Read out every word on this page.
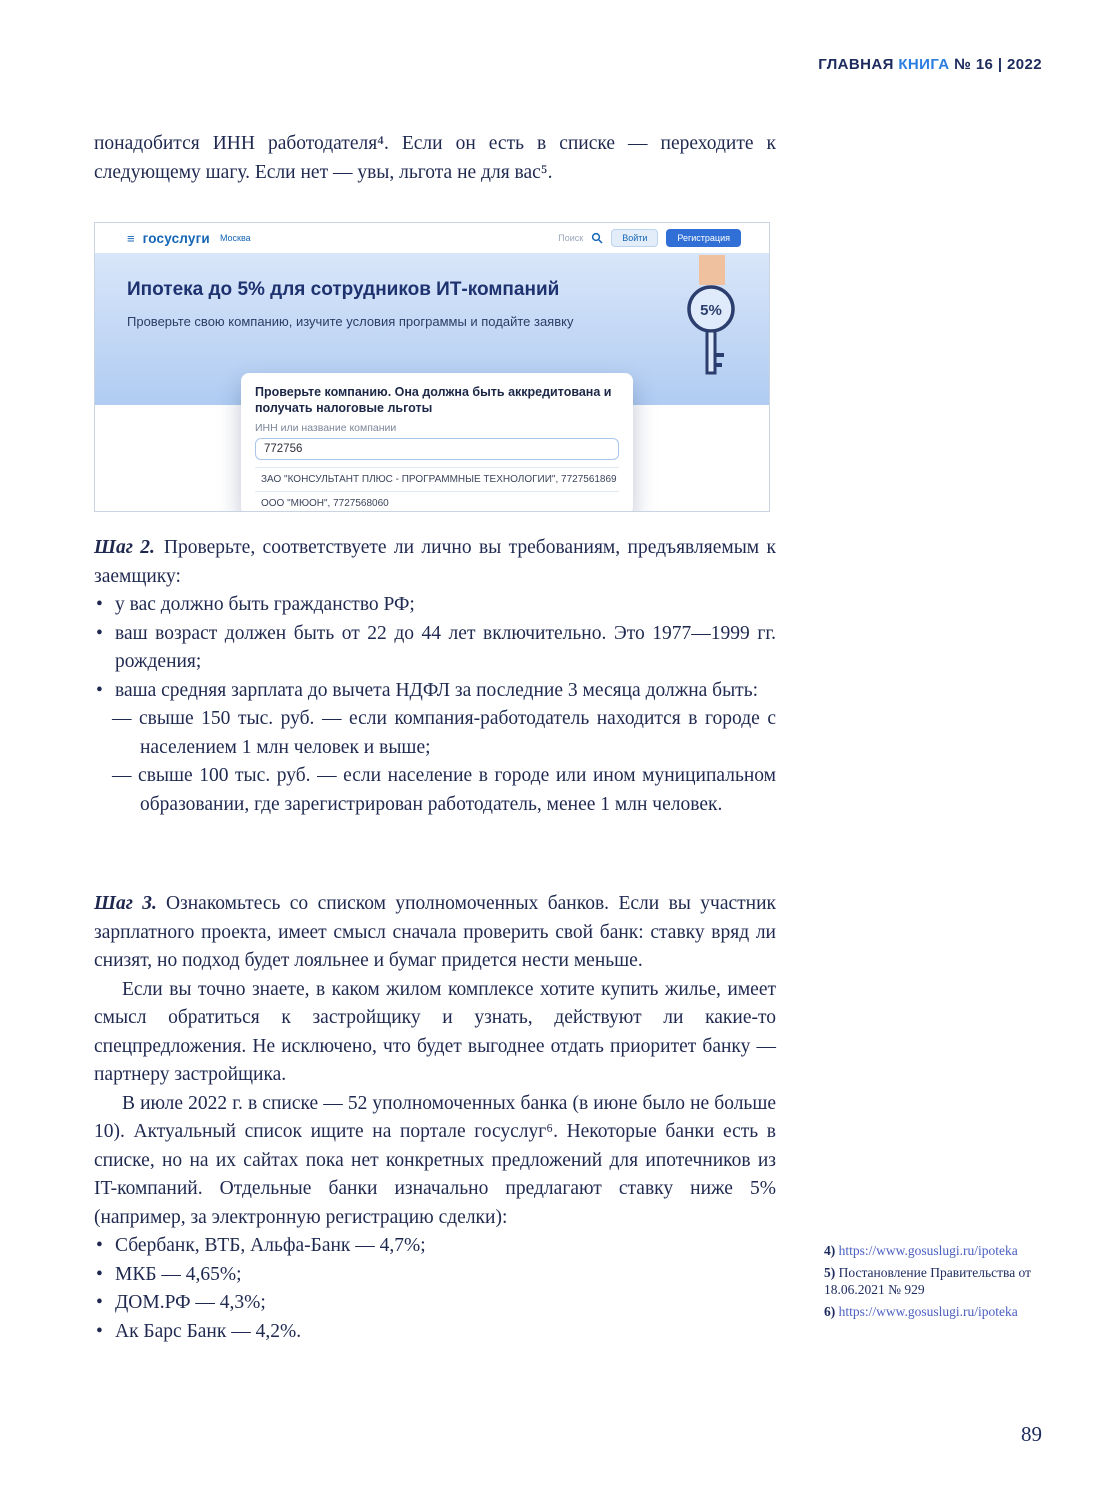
ГЛАВНАЯ КНИГА № 16 | 2022

понадобится ИНН работодателя⁴. Если он есть в списке — переходите к следующему шагу. Если нет — увы, льгота не для вас⁵.

≡ госуслуги Москва	Поиск	Войти	Регистрация
Ипотека до 5% для сотрудников ИТ-компаний
Проверьте свою компанию, изучите условия программы и подайте заявку
5%
Проверьте компанию. Она должна быть аккредитована и получать налоговые льготы
ИНН или название компании
772756
ЗАО "КОНСУЛЬТАНТ ПЛЮС - ПРОГРАММНЫЕ ТЕХНОЛОГИИ", 7727561869
ООО "МЮОН", 7727568060

Шаг 2. Проверьте, соответствуете ли лично вы требованиям, предъявляемым к заемщику:

• у вас должно быть гражданство РФ;
• ваш возраст должен быть от 22 до 44 лет включительно. Это 1977—1999 гг. рождения;
• ваша средняя зарплата до вычета НДФЛ за последние 3 месяца должна быть:
— свыше 150 тыс. руб. — если компания-работодатель находится в городе с населением 1 млн человек и выше;
— свыше 100 тыс. руб. — если население в городе или ином муниципальном образовании, где зарегистрирован работодатель, менее 1 млн человек.

Шаг 3. Ознакомьтесь со списком уполномоченных банков. Если вы участник зарплатного проекта, имеет смысл сначала проверить свой банк: ставку вряд ли снизят, но подход будет лояльнее и бумаг придется нести меньше.

Если вы точно знаете, в каком жилом комплексе хотите купить жилье, имеет смысл обратиться к застройщику и узнать, действуют ли какие-то спецпредложения. Не исключено, что будет выгоднее отдать приоритет банку — партнеру застройщика.

В июле 2022 г. в списке — 52 уполномоченных банка (в июне было не больше 10). Актуальный список ищите на портале госуслуг⁶. Некоторые банки есть в списке, но на их сайтах пока нет конкретных предложений для ипотечников из IT-компаний. Отдельные банки изначально предлагают ставку ниже 5% (например, за электронную регистрацию сделки):

• Сбербанк, ВТБ, Альфа-Банк — 4,7%;
• МКБ — 4,65%;
• ДОМ.РФ — 4,3%;
• Ак Барс Банк — 4,2%.

4) https://www.gosuslugi.ru/ipoteka

5) Постановление Правительства от 18.06.2021 № 929

6) https://www.gosuslugi.ru/ipoteka

89
